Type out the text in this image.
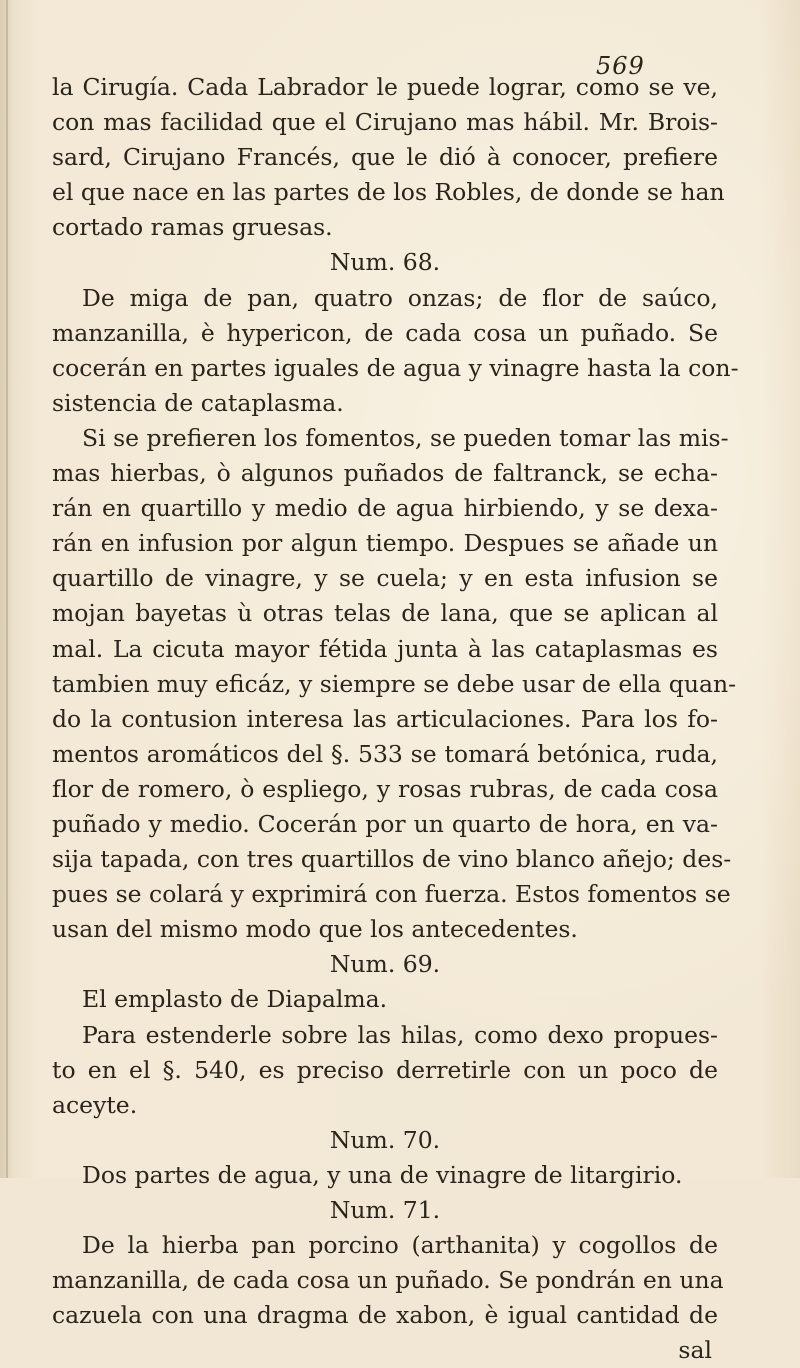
569
la Cirugía. Cada Labrador le puede lograr, como se ve,
con mas facilidad que el Cirujano mas hábil. Mr. Brois-
sard, Cirujano Francés, que le dió à conocer, prefiere
el que nace en las partes de los Robles, de donde se han
cortado ramas gruesas.
Num. 68.
De miga de pan, quatro onzas; de flor de saúco,
manzanilla, è hypericon, de cada cosa un puñado. Se
cocerán en partes iguales de agua y vinagre hasta la con-
sistencia de cataplasma.
Si se prefieren los fomentos, se pueden tomar las mis-
mas hierbas, ò algunos puñados de faltranck, se echa-
rán en quartillo y medio de agua hirbiendo, y se dexa-
rán en infusion por algun tiempo. Despues se añade un
quartillo de vinagre, y se cuela; y en esta infusion se
mojan bayetas ù otras telas de lana, que se aplican al
mal. La cicuta mayor fétida junta à las cataplasmas es
tambien muy eficáz, y siempre se debe usar de ella quan-
do la contusion interesa las articulaciones. Para los fo-
mentos aromáticos del §. 533 se tomará betónica, ruda,
flor de romero, ò espliego, y rosas rubras, de cada cosa
puñado y medio. Cocerán por un quarto de hora, en va-
sija tapada, con tres quartillos de vino blanco añejo; des-
pues se colará y exprimirá con fuerza. Estos fomentos se
usan del mismo modo que los antecedentes.
Num. 69.
El emplasto de Diapalma.
Para estenderle sobre las hilas, como dexo propues-
to en el §. 540, es preciso derretirle con un poco de
aceyte.
Num. 70.
Dos partes de agua, y una de vinagre de litargirio.
Num. 71.
De la hierba pan porcino (arthanita) y cogollos de
manzanilla, de cada cosa un puñado. Se pondrán en una
cazuela con una dragma de xabon, è igual cantidad de
sal
